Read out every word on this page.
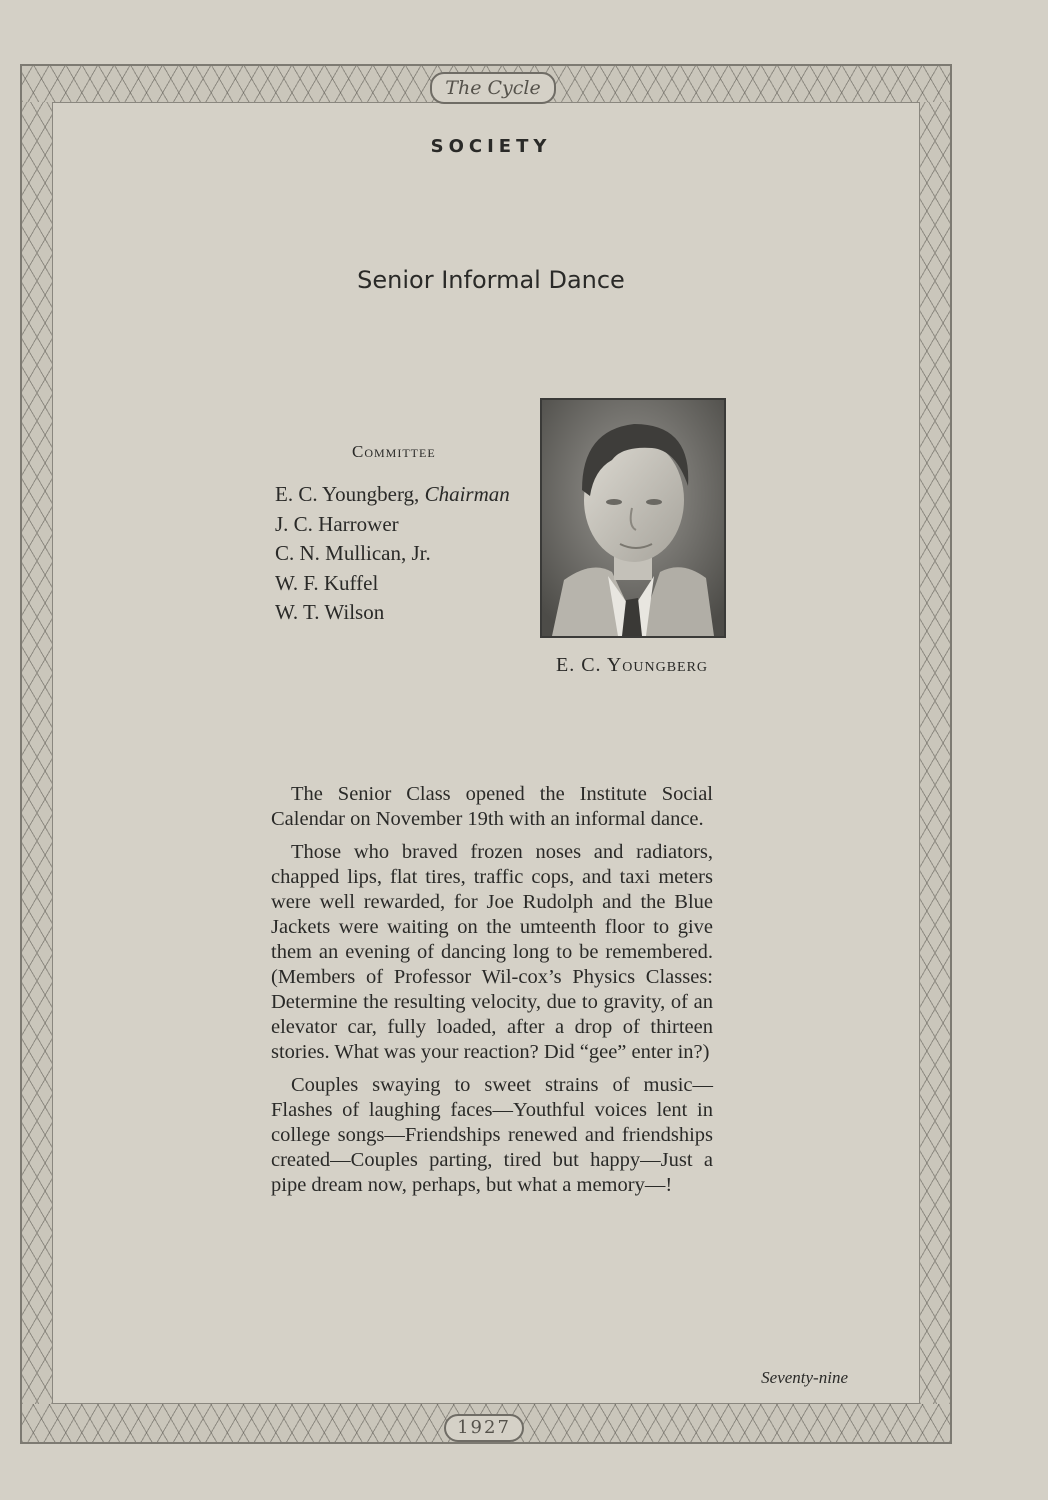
The Cycle
1927
SOCIETY
Senior Informal Dance
Committee
E. C. Youngberg, Chairman
J. C. Harrower
C. N. Mullican, Jr.
W. F. Kuffel
W. T. Wilson
E. C. Youngberg

The Senior Class opened the Institute Social Calendar on November 19th with an informal dance.

Those who braved frozen noses and radiators, chapped lips, flat tires, traffic cops, and taxi meters were well rewarded, for Joe Rudolph and the Blue Jackets were waiting on the umteenth floor to give them an evening of dancing long to be remembered. (Members of Professor Wil-cox’s Physics Classes: Determine the resulting velocity, due to gravity, of an elevator car, fully loaded, after a drop of thirteen stories. What was your reaction? Did “gee” enter in?)

Couples swaying to sweet strains of music—Flashes of laughing faces—Youthful voices lent in college songs—Friendships renewed and friendships created—Couples parting, tired but happy—Just a pipe dream now, perhaps, but what a memory—!

Seventy-nine
